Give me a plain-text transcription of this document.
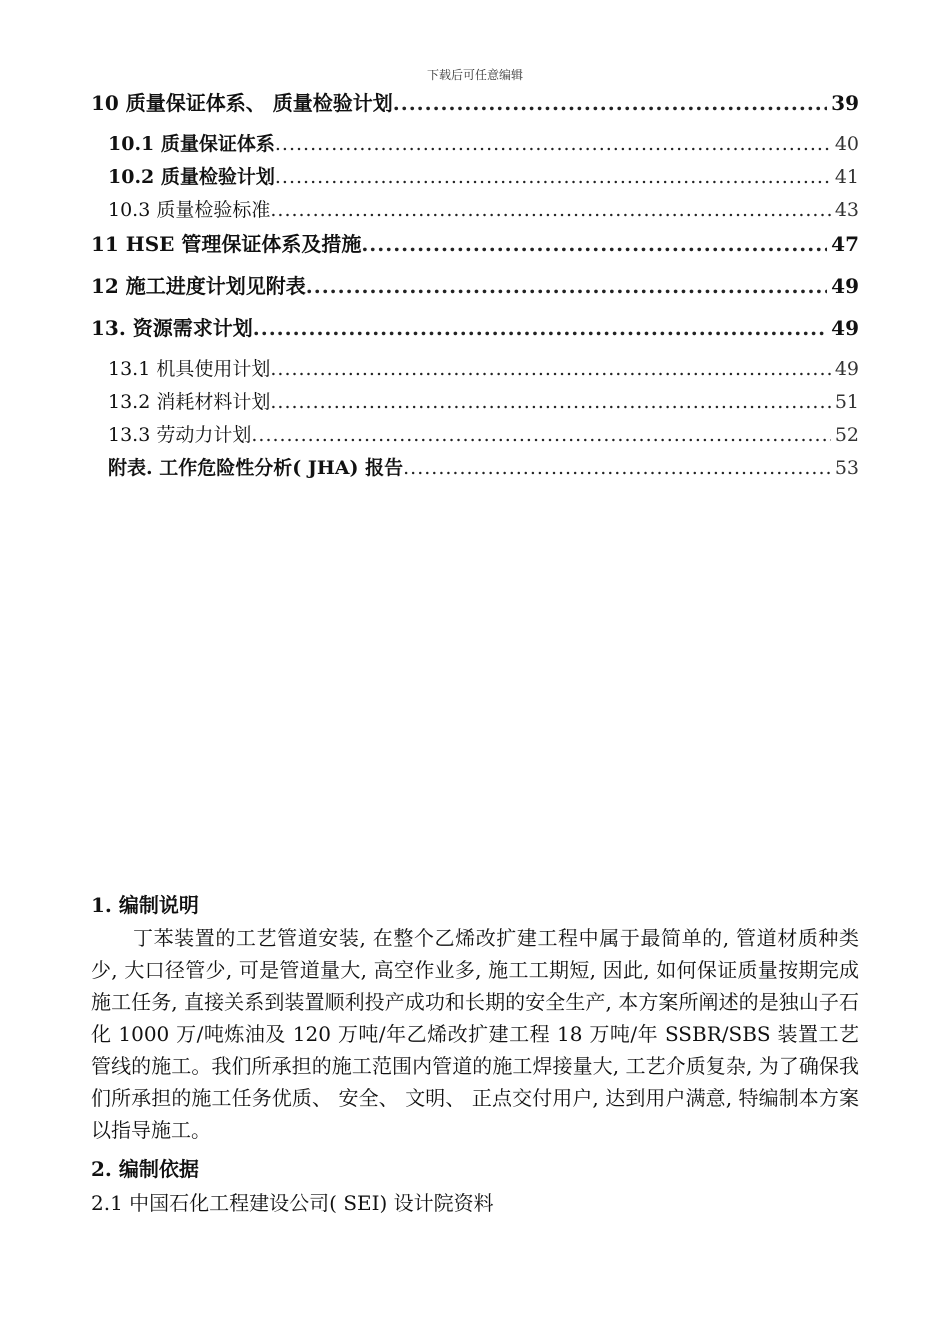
下载后可任意编辑
10 质量保证体系、 质量检验计划 .....	39
10.1 质量保证体系 .....	40
10.2 质量检验计划 .....	41
10.3 质量检验标准 .....	43
11 HSE 管理保证体系及措施 .....	47
12 施工进度计划见附表 .....	49
13. 资源需求计划 .....	49
13.1 机具使用计划 .....	49
13.2 消耗材料计划 .....	51
13.3 劳动力计划 .....	52
附表. 工作危险性分析( JHA) 报告 .....	53
1. 编制说明

丁苯装置的工艺管道安装, 在整个乙烯改扩建工程中属于最简单的, 管道材质种类少, 大口径管少, 可是管道量大, 高空作业多, 施工工期短, 因此, 如何保证质量按期完成施工任务, 直接关系到装置顺利投产成功和长期的安全生产, 本方案所阐述的是独山子石化 1000 万/吨炼油及 120 万吨/年乙烯改扩建工程 18 万吨/年 SSBR/SBS 装置工艺管线的施工。我们所承担的施工范围内管道的施工焊接量大, 工艺介质复杂, 为了确保我们所承担的施工任务优质、 安全、 文明、 正点交付用户, 达到用户满意, 特编制本方案以指导施工。

2. 编制依据
2.1 中国石化工程建设公司( SEI) 设计院资料
